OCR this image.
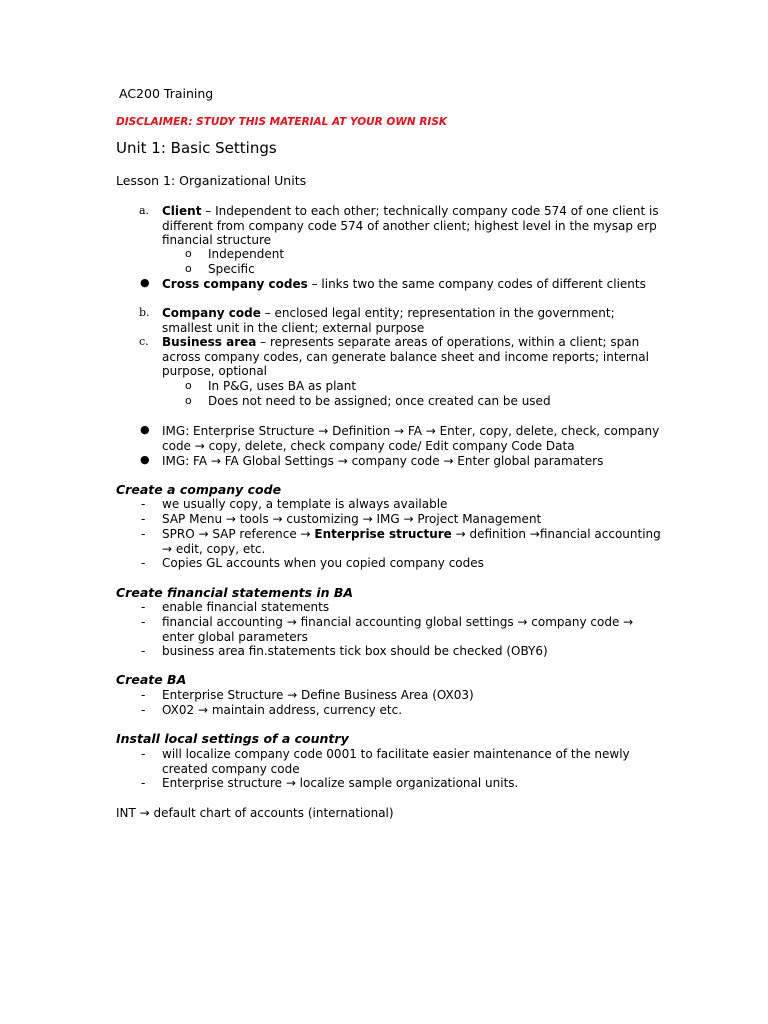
AC200 Training
DISCLAIMER: STUDY THIS MATERIAL AT YOUR OWN RISK
Unit 1: Basic Settings
Lesson 1: Organizational Units
a. Client – Independent to each other; technically company code 574 of one client is different from company code 574 of another client; highest level in the mysap erp financial structure
o Independent
o Specific
● Cross company codes – links two the same company codes of different clients
b. Company code – enclosed legal entity; representation in the government; smallest unit in the client; external purpose
c. Business area – represents separate areas of operations, within a client; span across company codes, can generate balance sheet and income reports; internal purpose, optional
o In P&G, uses BA as plant
o Does not need to be assigned; once created can be used
● IMG: Enterprise Structure → Definition → FA → Enter, copy, delete, check, company code → copy, delete, check company code/ Edit company Code Data
● IMG: FA → FA Global Settings → company code → Enter global paramaters
Create a company code
- we usually copy, a template is always available
- SAP Menu → tools → customizing → IMG → Project Management
- SPRO → SAP reference → Enterprise structure → definition →financial accounting → edit, copy, etc.
- Copies GL accounts when you copied company codes
Create financial statements in BA
- enable financial statements
- financial accounting → financial accounting global settings → company code → enter global parameters
- business area fin.statements tick box should be checked (OBY6)
Create BA
- Enterprise Structure → Define Business Area (OX03)
- OX02 → maintain address, currency etc.
Install local settings of a country
- will localize company code 0001 to facilitate easier maintenance of the newly created company code
- Enterprise structure → localize sample organizational units.
INT → default chart of accounts (international)
